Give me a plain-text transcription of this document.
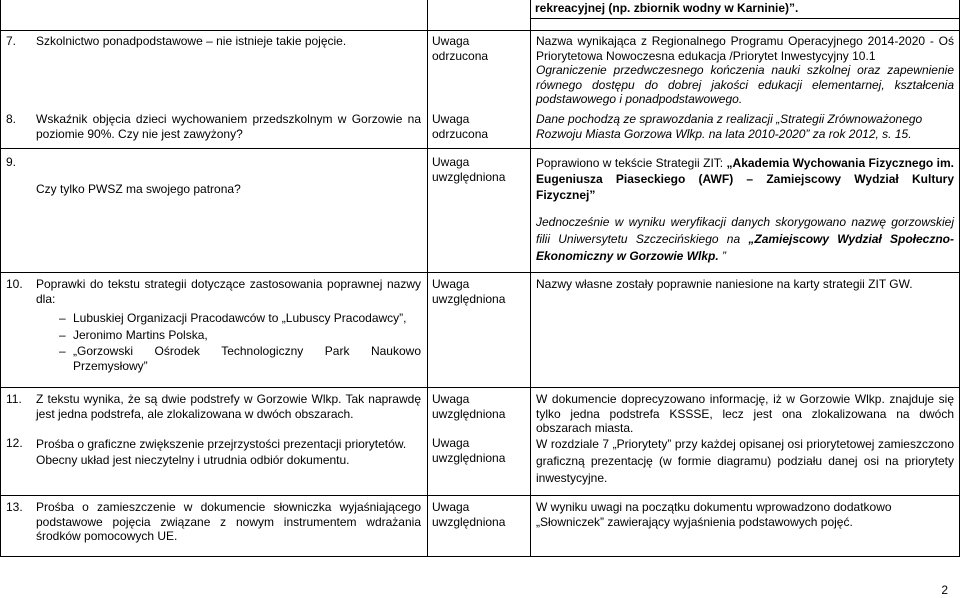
rekreacyjnej (np. zbiornik wodny w Karninie)”.
7. Szkolnictwo ponadpodstawowe – nie istnieje takie pojęcie.	Uwaga odrzucona
Nazwa wynikająca z Regionalnego Programu Operacyjnego 2014-2020 - Oś Priorytetowa Nowoczesna edukacja /Priorytet Inwestycyjny 10.1
Ograniczenie przedwczesnego kończenia nauki szkolnej oraz zapewnienie równego dostępu do dobrej jakości edukacji elementarnej, kształcenia podstawowego i ponadpodstawowego.
8. Wskaźnik objęcia dzieci wychowaniem przedszkolnym w Gorzowie na poziomie 90%. Czy nie jest zawyżony?
Uwaga odrzucona
Dane pochodzą ze sprawozdania z realizacji „Strategii Zrównoważonego Rozwoju Miasta Gorzowa Wlkp. na lata 2010-2020” za rok 2012, s. 15.
9.
Czy tylko PWSZ ma swojego patrona?
Uwaga uwzględniona
Poprawiono w tekście Strategii ZIT: „Akademia Wychowania Fizycznego im. Eugeniusza Piaseckiego (AWF) – Zamiejscowy Wydział Kultury Fizycznej”
Jednocześnie w wyniku weryfikacji danych skorygowano nazwę gorzowskiej filii Uniwersytetu Szczecińskiego na „Zamiejscowy Wydział Społeczno-Ekonomiczny w Gorzowie Wlkp. ”
10. Poprawki do tekstu strategii dotyczące zastosowania poprawnej nazwy dla:
– Lubuskiej Organizacji Pracodawców to „Lubuscy Pracodawcy”,
– Jeronimo Martins Polska,
– „Gorzowski Ośrodek Technologiczny Park Naukowo Przemysłowy”
Uwaga uwzględniona
Nazwy własne zostały poprawnie naniesione na karty strategii ZIT GW.
11. Z tekstu wynika, że są dwie podstrefy w Gorzowie Wlkp. Tak naprawdę jest jedna podstrefa, ale zlokalizowana w dwóch obszarach.
Uwaga uwzględniona
W dokumencie doprecyzowano informację, iż w Gorzowie Wlkp. znajduje się tylko jedna podstrefa KSSSE, lecz jest ona zlokalizowana na dwóch obszarach miasta.
12. Prośba o graficzne zwiększenie przejrzystości prezentacji priorytetów. Obecny układ jest nieczytelny i utrudnia odbiór dokumentu.
Uwaga uwzględniona
W rozdziale 7 „Priorytety” przy każdej opisanej osi priorytetowej zamieszczono graficzną prezentację (w formie diagramu) podziału danej osi na priorytety inwestycyjne.
13. Prośba o zamieszczenie w dokumencie słowniczka wyjaśniającego podstawowe pojęcia związane z nowym instrumentem wdrażania środków pomocowych UE.
Uwaga uwzględniona
W wyniku uwagi na początku dokumentu wprowadzono dodatkowo „Słowniczek” zawierający wyjaśnienia podstawowych pojęć.
2
